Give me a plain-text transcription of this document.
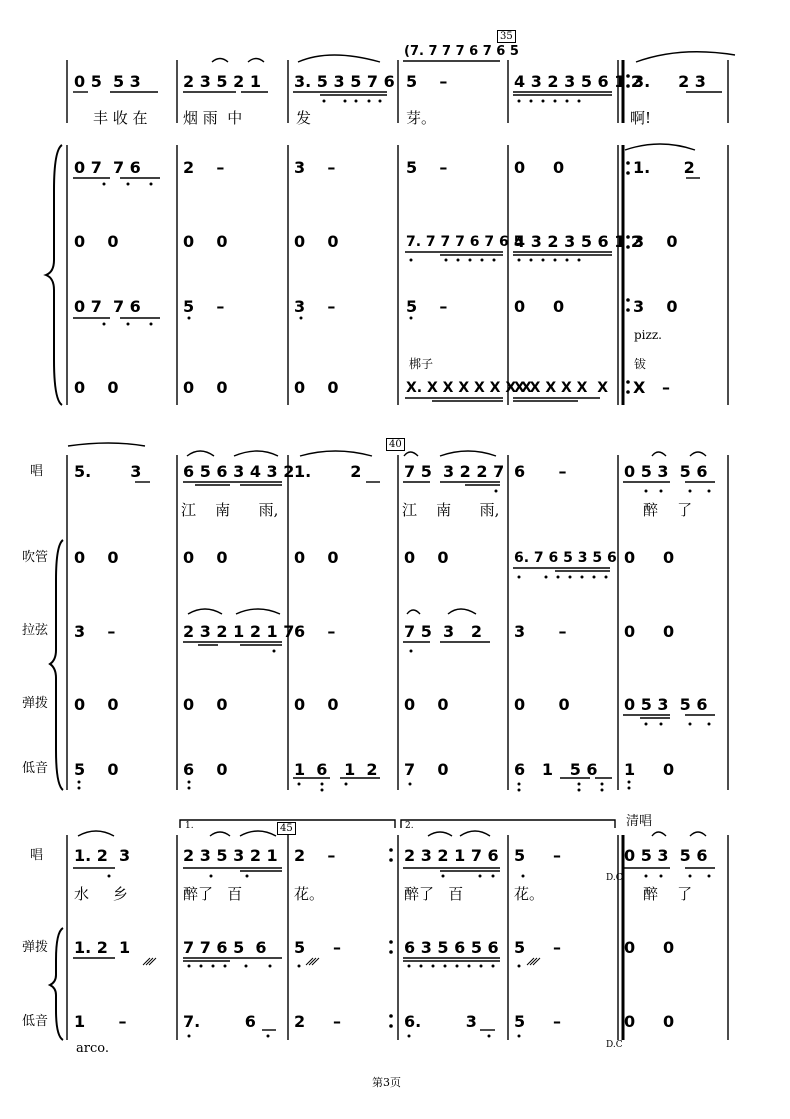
35
40
45
(7. 7 7 7 6 7 6 5
0 5  5 3	2 3 5 2 1 3. 5 3 5 7 6 5    –	4 3 2 3 5 6 1 2
3.     2 3
丰 收 在 烟 雨  中	发	芽。	啊!
0 7  7 6	2    –	3    –	5    –	0     0	1.      2
0    0	0    0	0    0	7. 7 7 7 6 7 6 5
4 3 2 3 5 6 1 2
3    0
0 7  7 6	5    –	3    –	5    –	0     0	3    0
pizz.
梆子	钹
0    0	0    0	0    0	X. X X X X X X X
X X X X X  X X   –
唱
吹管
拉弦
弹拨
低音
5.       3	6 5 6 3 4 3 2 1.       2	7 5  3 2 2 7 6      –	0 5 3  5 6
江    南      雨,	江    南      雨,	醉    了
0    0	0    0	0    0	0    0	6. 7 6 5 3 5 6 0     0
3    –	2 3 2 1 2 1 7 6    –	7 5  3   2 3      –	0     0
0    0	0    0	0    0	0    0	0      0	0 5 3  5 6
5    0	6    0	1  6   1  2 7    0	6   1   5 6 1     0
1.	2.	清唱
唱
弹拨
低音
1. 2  3	2 3 5 3 2 1 2    –	2 3 2 1 7 6 5     –	0 5 3  5 6
水     乡	醉了   百	花。	醉了   百	花。	醉    了
D.C
1. 2  1	7 7 6 5  6 5     –	6 3 5 6 5 6 5     –	0     0
1      –	7.        6 2     –	6.        3 5     –	0     0
arco.	D.C
第3页
